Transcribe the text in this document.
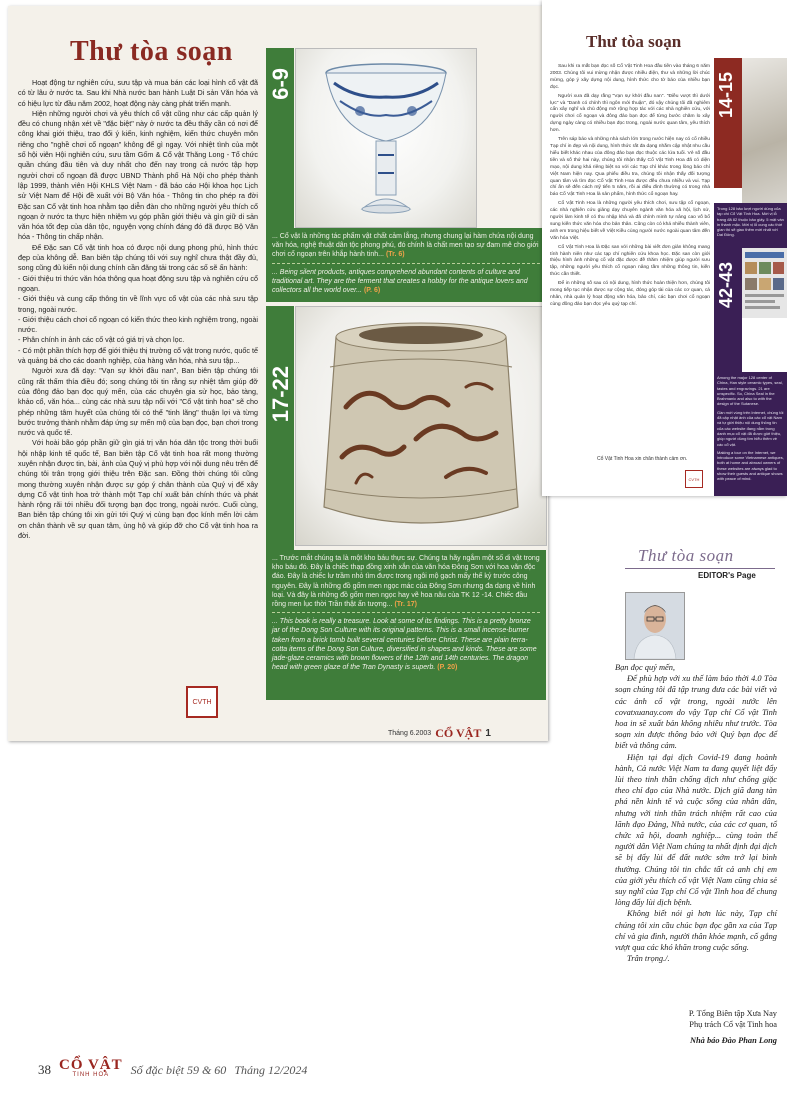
Thư tòa soạn

Hoạt động tư nghiên cứu, sưu tập và mua bán các loại hình cổ vật đã có từ lâu ở nước ta. Sau khi Nhà nước ban hành Luật Di sản Văn hóa và có hiệu lực từ đầu năm 2002, hoạt động này càng phát triển mạnh.

Hiện những người chơi và yêu thích cổ vật cũng như các cấp quản lý đều có chung nhận xét về "đặc biệt" này ở nước ta đều thấy cần có nơi để công khai giới thiệu, trao đổi ý kiến, kinh nghiệm, kiến thức chuyên môn riêng cho "nghề chơi cổ ngoạn" không để gì ngay. Với nhiệt tình của một số hội viên Hội nghiên cứu, sưu tầm Gốm & Cổ vật Thăng Long - Tổ chức quần chúng đầu tiên và duy nhất cho đến nay trong cả nước tập hợp người chơi cổ ngoạn đã được UBND Thành phố Hà Nội cho phép thành lập 1999, thành viên Hội KHLS Việt Nam - đã báo cáo Hội khoa học Lịch sử Việt Nam để Hội đề xuất với Bộ Văn hóa - Thông tin cho phép ra đời Đặc san Cổ vật tinh hoa nhằm tạo diễn đàn cho những người yêu thích cổ ngoạn ở nước ta thực hiện nhiệm vụ góp phần giới thiệu và gìn giữ di sản văn hóa tốt đẹp của dân tộc, nguyện vọng chính đáng đó đã được Bộ Văn hóa - Thông tin chấp nhận.

Để Đặc san Cổ vật tinh hoa có được nội dung phong phú, hình thức đẹp của không dễ. Ban biên tập chúng tôi với suy nghĩ chưa thật đầy đủ, song cũng đủ kiến nội dung chính cần đăng tải trong các số sẽ ấn hành:

- Giới thiệu tri thức văn hóa thông qua hoạt động sưu tập và nghiên cứu cổ ngoạn.

- Giới thiệu và cung cấp thông tin về lĩnh vực cổ vật của các nhà sưu tập trong, ngoài nước.

- Giới thiệu cách chơi cổ ngoạn có kiến thức theo kinh nghiệm trong, ngoài nước.

- Phân chính in ảnh các cổ vật có giá trị và chọn lọc.

- Có một phần thích hợp để giới thiệu thị trường cổ vật trong nước, quốc tế và quảng bá cho các doanh nghiệp, của hàng văn hóa, nhà sưu tập...

Người xưa đã dạy: "Vạn sự khởi đầu nan", Ban biên tập chúng tôi cũng rất thấm thía điều đó; song chúng tôi tin rằng sự nhiệt tâm giúp đỡ của đông đảo bạn đọc quý mến, của các chuyên gia sử học, bảo tàng, khảo cổ, văn hóa... cùng các nhà sưu tập nổi với "Cổ vật tinh hoa" sẽ cho phép những tâm huyết của chúng tôi có thể "tinh lãng" thuận lợi và từng bước trưởng thành nhằm đáp ứng sự mến mộ của bạn đọc, bạn chơi trong nước và quốc tế.

Với hoài bão góp phần giữ gìn giá trị văn hóa dân tộc trong thời buổi hội nhập kinh tế quốc tế, Ban biên tập Cổ vật tinh hoa rất mong thường xuyên nhận được tin, bài, ảnh của Quý vị phù hợp với nội dung nêu trên để chúng tôi trân trọng giới thiệu trên Đặc san. Đồng thời chúng tôi cũng mong thường xuyên nhận được sự góp ý chân thành của Quý vị để xây dựng Cổ vật tinh hoa trở thành một Tạp chí xuất bản chính thức và phát hành rộng rãi tới nhiều đối tượng bạn đọc trong, ngoài nước. Cuối cùng, Ban biên tập chúng tôi xin gửi tới Quý vị cùng bạn đọc kính mến lời cảm ơn chân thành về sự quan tâm, ủng hộ và giúp đỡ cho Cổ vật tinh hoa ra đời.

CVTH
6-9

... Cổ vật là những tác phẩm vật chất cảm lắng, nhưng chung lại hàm chứa nội dung văn hóa, nghệ thuật dân tộc phong phú, đó chính là chất men tạo sự đam mê cho giới chơi cổ ngoạn trên khắp hành tinh... (Tr. 6)

... Being silent products, antiques comprehend abundant contents of culture and traditional art. They are the ferment that creates a hobby for the antique lovers and collectors all the world over... (P. 6)

17-22

... Trước mắt chúng ta là một kho báu thực sự. Chúng ta hãy ngắm một số di vật trong kho báu đó. Đây là chiếc thạp đồng xinh xắn của văn hóa Đông Sơn với hoa văn độc đáo. Đây là chiếc lư trầm nhỏ tìm được trong ngôi mộ gạch mấy thế kỷ trước công nguyên. Đây là những đồ gốm men ngọc mác của Đông Sơn nhưng đa dạng về hình loại. Và đây là những đồ gốm men ngọc hay vẽ hoa nâu của TK 12 -14. Chiếc đầu rồng men lục thời Trần thật ấn tượng... (Tr. 17)

... This book is really a treasure. Look at some of its findings. This is a pretty bronze jar of the Dong Son Culture with its original patterns. This is a small incense-burner taken from a brick tomb built several centuries before Christ. These are plain terra-cotta items of the Dong Son Culture, diversified in shapes and kinds. These are some jade-glaze ceramics with brown flowers of the 12th and 14th centuries. The dragon head with green glaze of the Tran Dynasty is superb. (P. 20)

Tháng 6.2003 CỔ VẬT 1
Thư tòa soạn

Sau khi ra mắt bạn đọc số Cổ Vật Tinh Hoa đầu tiên vào tháng 6 năm 2003. Chúng tôi vui mừng nhận được nhiều điện, thư và những lời chúc mừng, góp ý xây dựng nội dung, hình thức cho tờ báo của nhiều bạn đọc.

Người xưa đã dạy rằng "Vạn sự khởi đầu nan". "Điều vượt thì dưới lực" và "Danh có chính thì ngôn mới thuận", đó vậy chúng tôi đã nghiêm cẩn xây nghĩ và chủ động mở rộng hợp tác với các nhà nghiên cứu, với người chơi cổ ngoạn và đông đảo bạn đọc để từng bước chăm lo xây dựng ngày càng có nhiều bạn đọc trong, ngoài nước quan tâm, yêu thích hơn.

Trên sáp báo và những nhà sách lớn trong nước hiện nay có cổ nhiều Tạp chí in đẹp và nội dung, hình thức rất đa dạng nhằm cập nhật nhu cầu hiểu biết khác nhau của đông đảo bạn đọc thuộc các lứa tuổi. Vẻ số đầu tiên và số thứ hai này, chúng tôi nhận thấy Cổ Vật Tinh Hoa đã có diện mạo, nội dung khá riêng biệt so với các Tạp chí khác trong lòng báo chí Việt Nam hiện nay. Qua phiếu điều tra, chúng tôi nhận thấy đối tượng quan tâm và tìm đọc Cổ Vật Tinh Hoa được đều chưa nhiều và vui. Tạp chí ấn sẽ đến cách mỹ tiến 5 năm, rồi ai điều đình thường có trong nhà báo Cổ Vật Tinh Hoa là sản phẩm, hình thức cổ ngoạn hay.

Cổ Vật Tinh Hoa là những người yêu thích chơi, sưu tập cổ ngoạn, các nhà nghiên cứu giảng dạy chuyên ngành văn hóa xã hội, lịch sử, người làm kinh tế có thu nhập khá và đã chính mình tự nâng cao vố bổ sung kiến thức văn hóa cho bản thân. Cũng còn có khá nhiều thành viên, anh em trong hiệu biết về Việt Kiều cùng người nước ngoài quan tâm đến Văn hóa Việt.

Cổ Vật Tinh Hoa là Đặc san với những bài viết đơn giản không mang tính hành niên như các tạp chí nghiên cứu khoa học. Đặc san còn giới thiệu hình ảnh những cổ vật đặc được đề thăm nhiệm giúp người sưu tập, những người yêu thích cổ ngoạn nâng tầm những thông tin, kiến thức cần thiết.

Để in những số sau có nội dung, hình thức hoàn thiện hơn, chúng tôi mong tiếp tục nhận được sự cộng tác, đóng góp tài của các cơ quan, cá nhân, nhà quản lý hoạt động văn hóa, bảo chí, các bạn chơi cổ ngoạn cùng đông đảo bạn đọc yêu quý tạp chí.

Cổ Vật Tinh Hoa xin chân thành cảm ơn.
CVTH
14-15
Trong 128 bảo lượt người dùng của tạp chí Cổ Vật Tinh Hoa. Mời vị lỗ trang đã 82 thuộc bảo giấy. 5 mật ván in thành mặc. Mời vị lỗ cung các thời gian thì sẽ giao thêm mới nhất với Dai Đông.
42-43

Among the major 128 center of China, Han style ceramic types, seal, tastes and engravings. 21 are unspecific. So, China Seal in the Brahmanic and also to with the design of the Sutanese.

Gần mới vùng trên Internet, chúng tôi đã cập nhật ảnh của các cổ vật Nam và tự giới thiệu nội dung thông tin của các website đang nằm trong danh mục cổ vật đã được giới thiệu, giúp người dùng tìm hiểu thêm về các cổ vật.

Making a tour on the Internet, we introduce some Vietnamese antiques, both at home and abroad owners of these websites are always glad to show their guests and antique shows with peace of mind.

Thư tòa soạn
EDITOR's Page

Bạn đọc quý mến,

Để phù hợp với xu thế làm báo thời 4.0 Tòa soạn chúng tôi đã tập trung đưa các bài viết và các ảnh cổ vật trong, ngoài nước lên covatxuanay.com do vậy Tạp chí Cổ vật Tinh hoa in sẽ xuất bản không nhiều như trước. Tòa soạn xin được thông báo với Quý bạn đọc để biết và thông cảm.

Hiện tại đại dịch Covid-19 đang hoành hành, Cả nước Việt Nam ta đang quyết liệt đẩy lùi theo tinh thần chống dịch như chống giặc theo chỉ đạo của Nhà nước. Dịch giã đang tàn phá nền kinh tế và cuộc sống của nhân dân, nhưng với tinh thần trách nhiệm rất cao của lãnh đạo Đảng, Nhà nước, của các cơ quan, tổ chức xã hội, doanh nghiệp... cùng toàn thể người dân Việt Nam chúng ta nhất định đại dịch sẽ bị đẩy lùi để đất nước sớm trở lại bình thường. Chúng tôi tin chắc tất cả anh chị em của giới yêu thích cổ vật Việt Nam cũng chia sẻ suy nghĩ của Tạp chí Cổ vật Tinh hoa để chung lòng đẩy lùi dịch bệnh.

Không biết nói gì hơn lúc này, Tạp chí chúng tôi xin cầu chúc bạn đọc gần xa của Tạp chí và gia đình, người thân khỏe mạnh, cố gắng vượt qua các khó khăn trong cuộc sống.

Trân trọng./.

P. Tổng Biên tập Xưa Nay
Phụ trách Cổ vật Tinh hoa
Nhà báo Đào Phan Long
38 CỔ VẬT
TINH HOA Số đặc biệt 59 & 60 Tháng 12/2024
